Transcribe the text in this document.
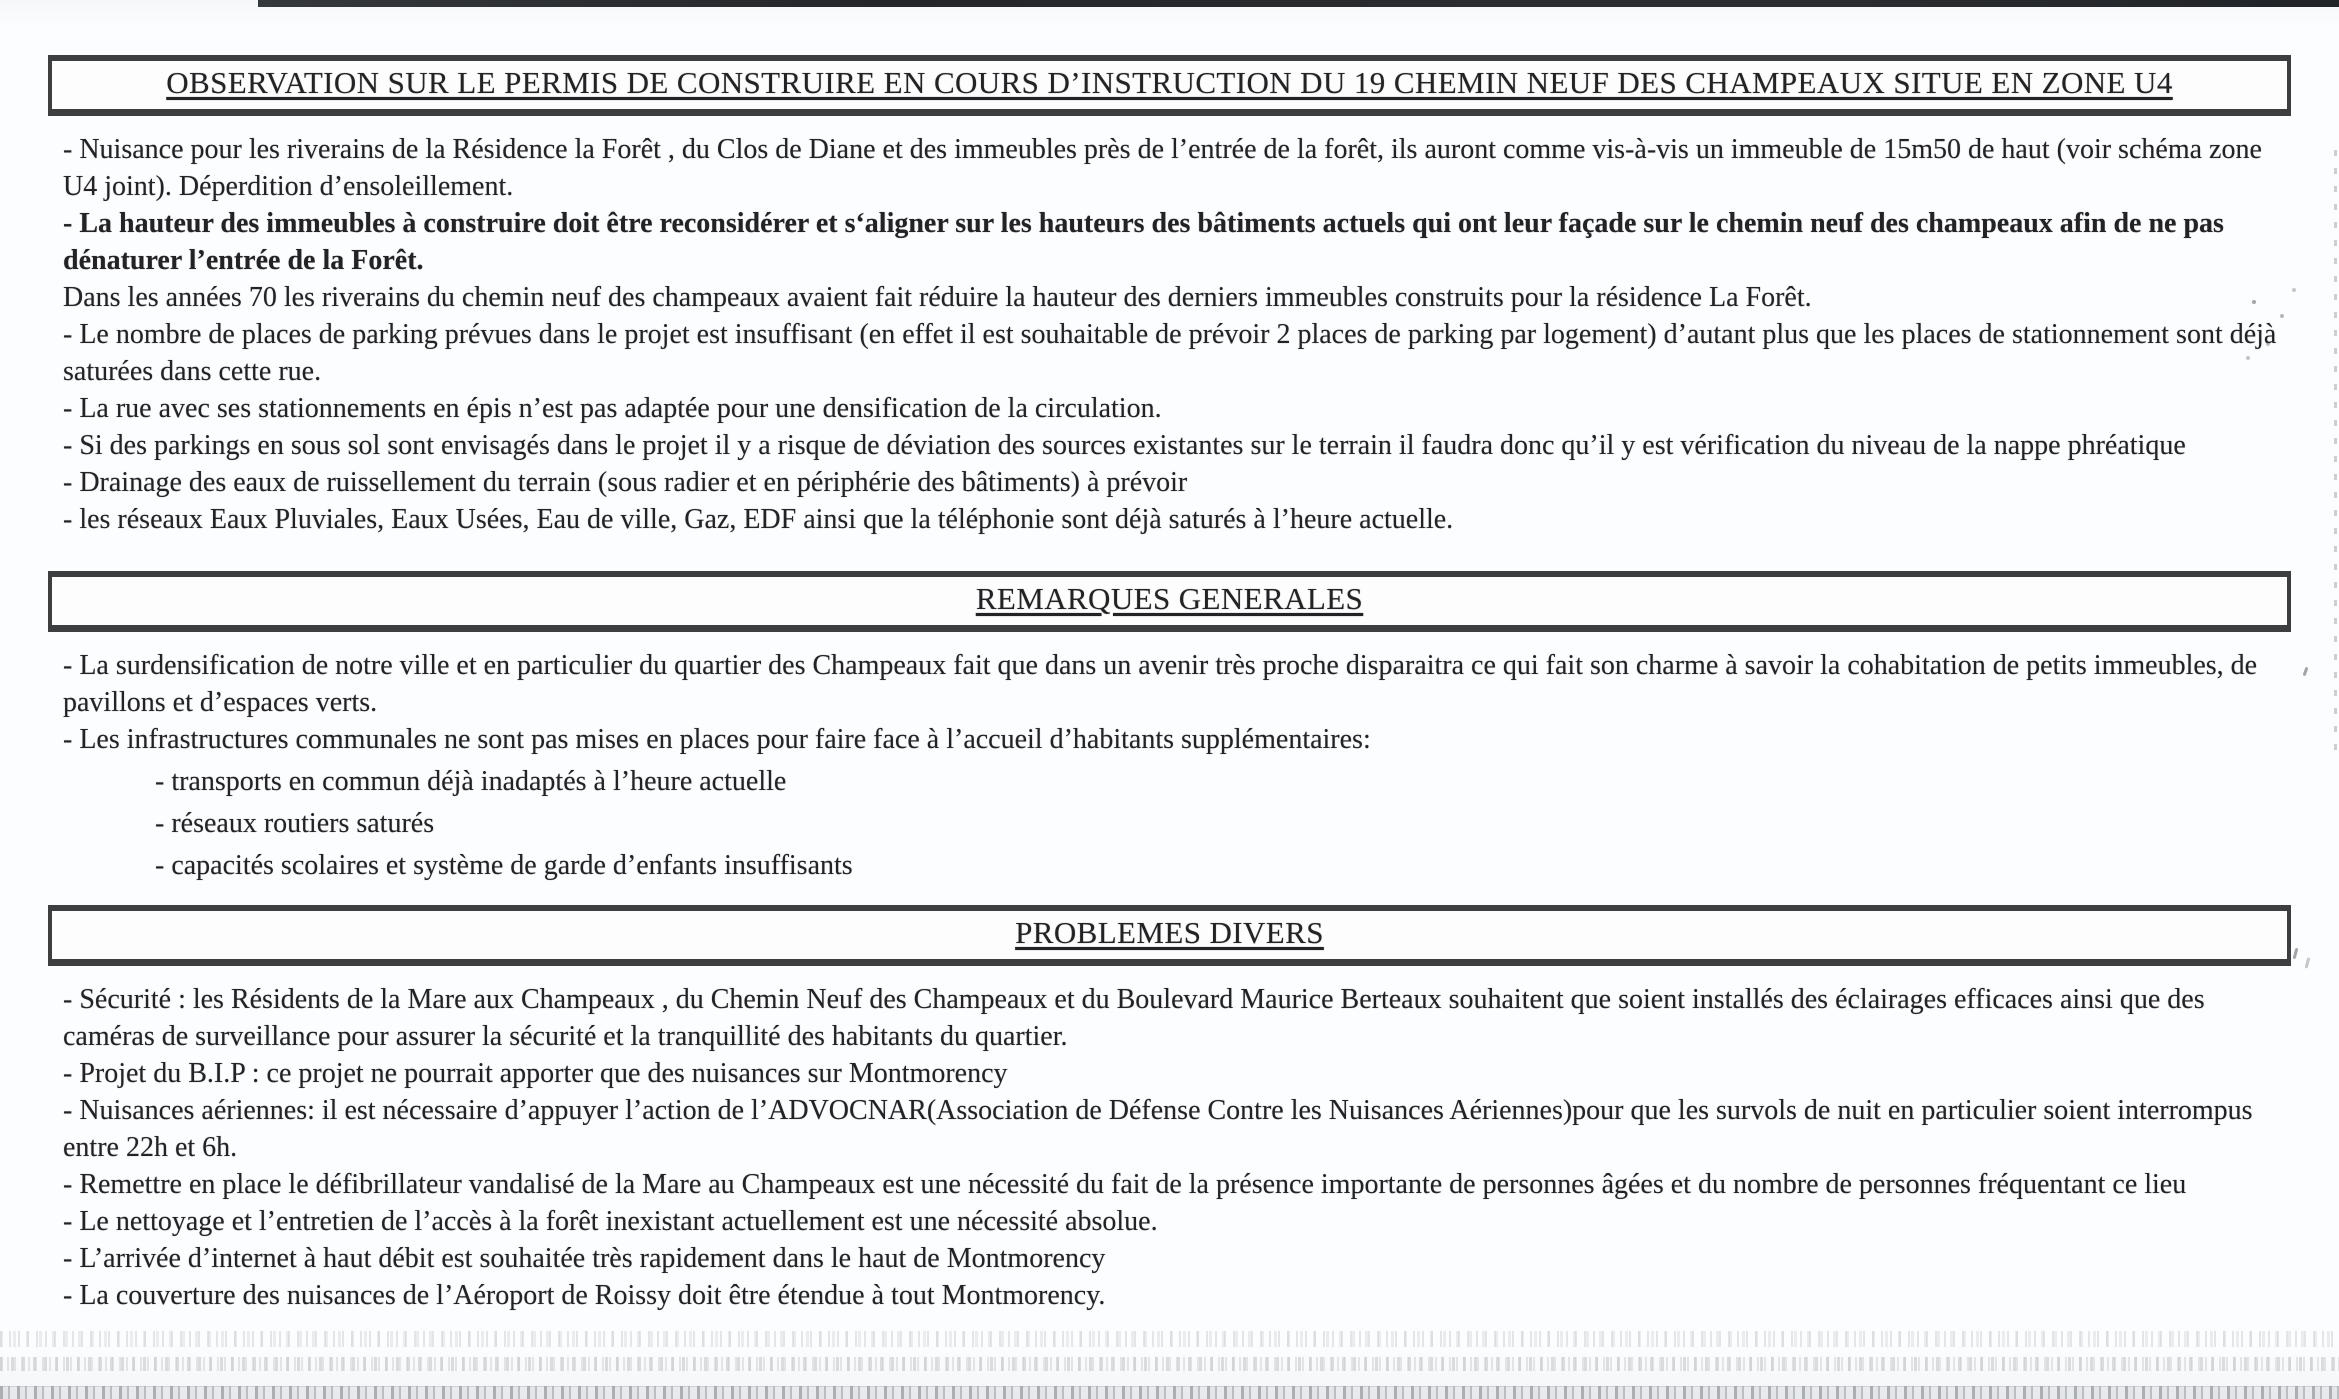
OBSERVATION SUR LE PERMIS DE CONSTRUIRE EN COURS D’INSTRUCTION DU 19 CHEMIN NEUF DES CHAMPEAUX SITUE EN ZONE U4

- Nuisance pour les riverains de la Résidence la Forêt , du Clos de Diane et des immeubles près de l’entrée de la forêt, ils auront comme vis-à-vis un immeuble de 15m50 de haut (voir schéma zone U4 joint). Déperdition d’ensoleillement.

- La hauteur des immeubles à construire doit être reconsidérer et s‘aligner sur les hauteurs des bâtiments actuels qui ont leur façade sur le chemin neuf des champeaux afin de ne pas dénaturer l’entrée de la Forêt.

Dans les années 70 les riverains du chemin neuf des champeaux avaient fait réduire la hauteur des derniers immeubles construits pour la résidence La Forêt.

- Le nombre de places de parking prévues dans le projet est insuffisant (en effet il est souhaitable de prévoir 2 places de parking par logement) d’autant plus que les places de stationnement sont déjà saturées dans cette rue.

- La rue avec ses stationnements en épis n’est pas adaptée pour une densification de la circulation.

- Si des parkings en sous sol sont envisagés dans le projet il y a risque de déviation des sources existantes sur le terrain il faudra donc qu’il y est vérification du niveau de la nappe phréatique

- Drainage des eaux de ruissellement du terrain (sous radier et en périphérie des bâtiments) à prévoir

- les réseaux Eaux Pluviales, Eaux Usées, Eau de ville, Gaz, EDF ainsi que la téléphonie sont déjà saturés à l’heure actuelle.

REMARQUES GENERALES

- La surdensification de notre ville et en particulier du quartier des Champeaux fait que dans un avenir très proche disparaitra ce qui fait son charme à savoir la cohabitation de petits immeubles, de pavillons et d’espaces verts.

- Les infrastructures communales ne sont pas mises en places pour faire face à l’accueil d’habitants supplémentaires:

- transports en commun déjà inadaptés à l’heure actuelle

- réseaux routiers saturés

- capacités scolaires et système de garde d’enfants insuffisants

PROBLEMES DIVERS

- Sécurité : les Résidents de la Mare aux Champeaux , du Chemin Neuf des Champeaux et du Boulevard Maurice Berteaux souhaitent que soient installés des éclairages efficaces ainsi que des caméras de surveillance pour assurer la sécurité et la tranquillité des habitants du quartier.

- Projet du B.I.P : ce projet ne pourrait apporter que des nuisances sur Montmorency

- Nuisances aériennes: il est nécessaire d’appuyer l’action de l’ADVOCNAR(Association de Défense Contre les Nuisances Aériennes)pour que les survols de nuit en particulier soient interrompus entre 22h et 6h.

- Remettre en place le défibrillateur vandalisé de la Mare au Champeaux est une nécessité du fait de la présence importante de personnes âgées et du nombre de personnes fréquentant ce lieu

- Le nettoyage et l’entretien de l’accès à la forêt inexistant actuellement est une nécessité absolue.

- L’arrivée d’internet à haut débit est souhaitée très rapidement dans le haut de Montmorency

- La couverture des nuisances de l’Aéroport de Roissy doit être étendue à tout Montmorency.
